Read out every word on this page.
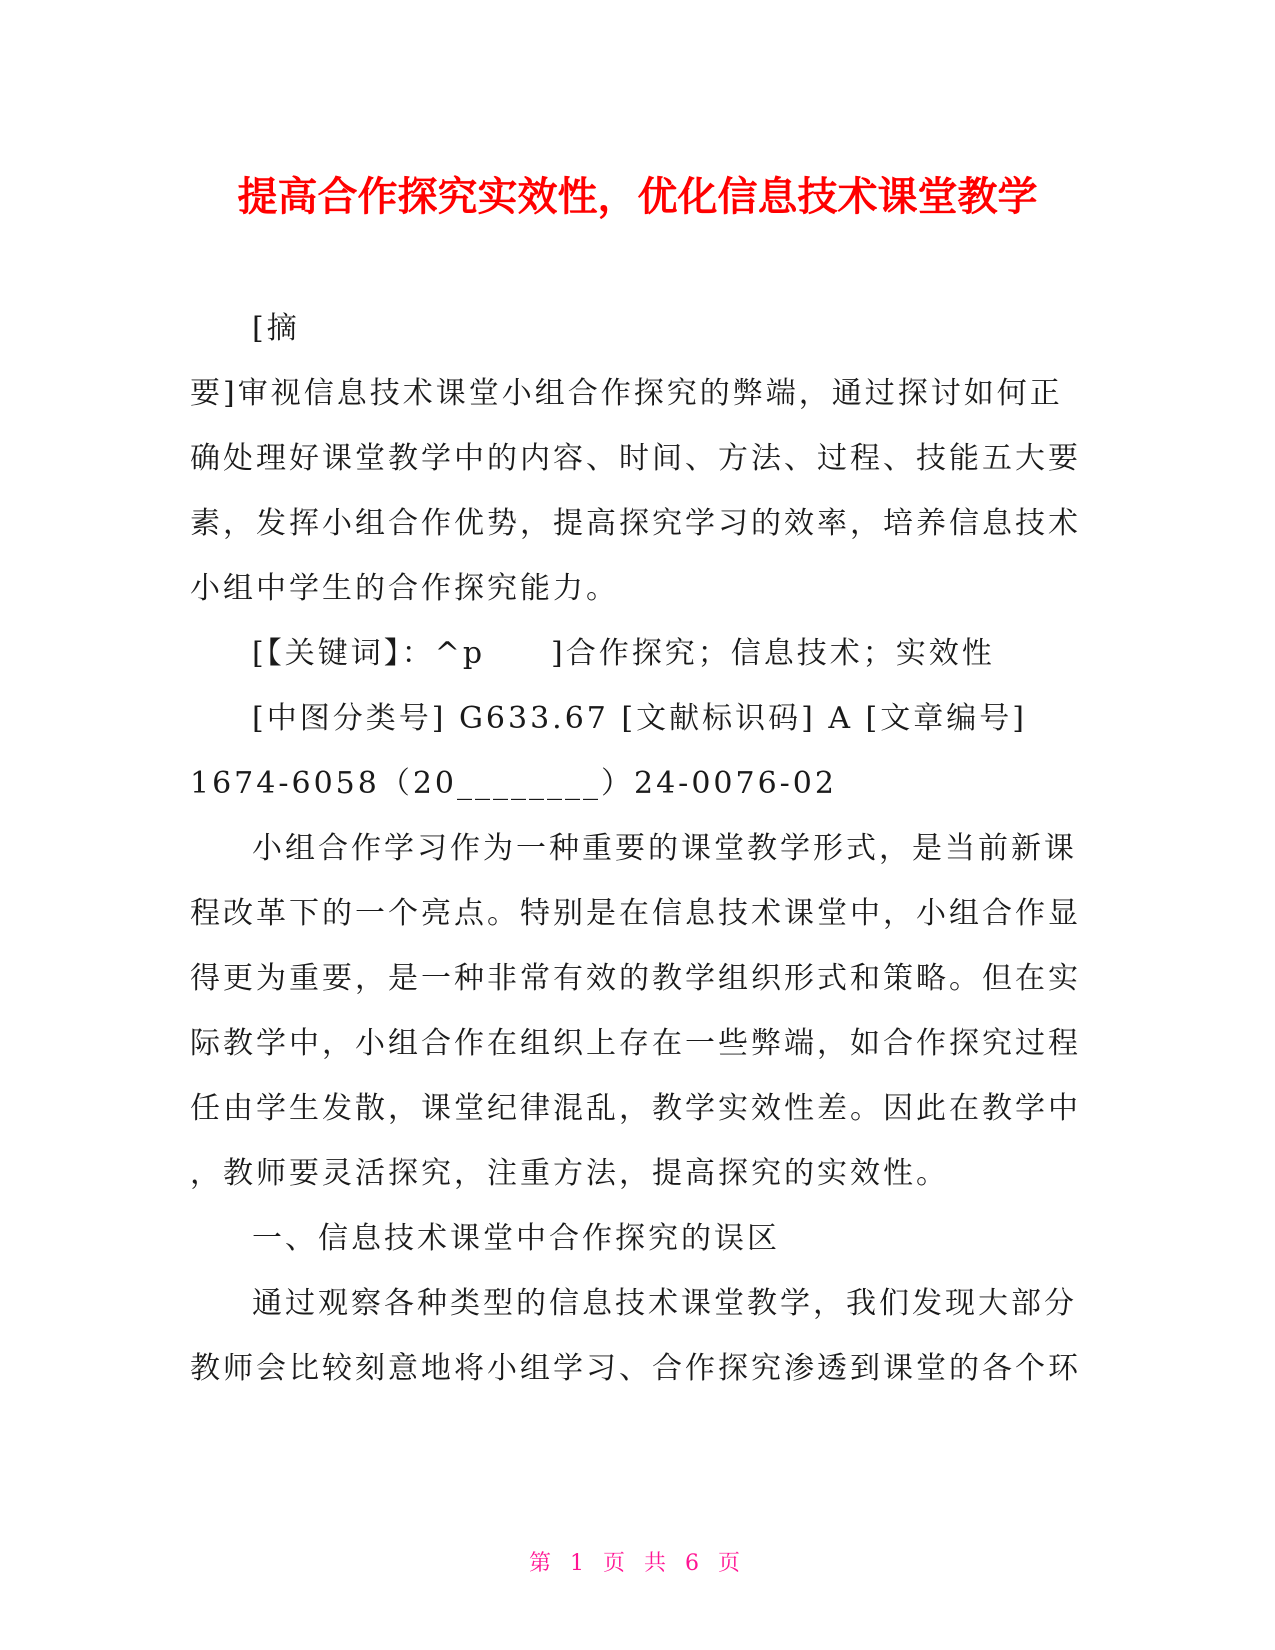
提高合作探究实效性，优化信息技术课堂教学
[摘
要]审视信息技术课堂小组合作探究的弊端，通过探讨如何正
确处理好课堂教学中的内容、时间、方法、过程、技能五大要
素，发挥小组合作优势，提高探究学习的效率，培养信息技术
小组中学生的合作探究能力。
[【关键词】：^p　　]合作探究；信息技术；实效性
[中图分类号] G633.67 [文献标识码] A [文章编号]
1674-6058（20________）24-0076-02
小组合作学习作为一种重要的课堂教学形式，是当前新课
程改革下的一个亮点。特别是在信息技术课堂中，小组合作显
得更为重要，是一种非常有效的教学组织形式和策略。但在实
际教学中，小组合作在组织上存在一些弊端，如合作探究过程
任由学生发散，课堂纪律混乱，教学实效性差。因此在教学中
，教师要灵活探究，注重方法，提高探究的实效性。
一、信息技术课堂中合作探究的误区
通过观察各种类型的信息技术课堂教学，我们发现大部分
教师会比较刻意地将小组学习、合作探究渗透到课堂的各个环
第 1 页 共 6 页
